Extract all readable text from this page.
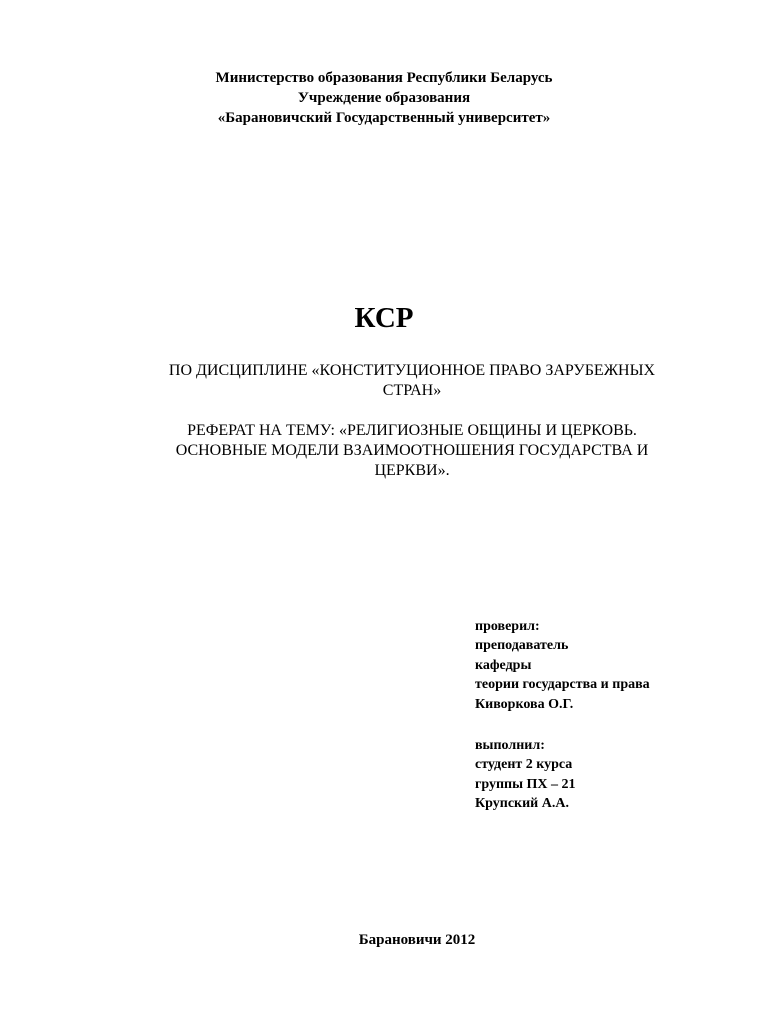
Министерство образования Республики Беларусь
Учреждение образования
«Барановичский Государственный университет»
КСР
ПО ДИСЦИПЛИНЕ «КОНСТИТУЦИОННОЕ ПРАВО ЗАРУБЕЖНЫХ
СТРАН»
РЕФЕРАТ НА ТЕМУ: «РЕЛИГИОЗНЫЕ ОБЩИНЫ И ЦЕРКОВЬ.
ОСНОВНЫЕ МОДЕЛИ ВЗАИМООТНОШЕНИЯ ГОСУДАРСТВА И
ЦЕРКВИ».
проверил:
преподаватель
кафедры
теории государства и права
Киворкова О.Г.
выполнил:
студент 2 курса
группы ПХ – 21
Крупский А.А.
Барановичи 2012
